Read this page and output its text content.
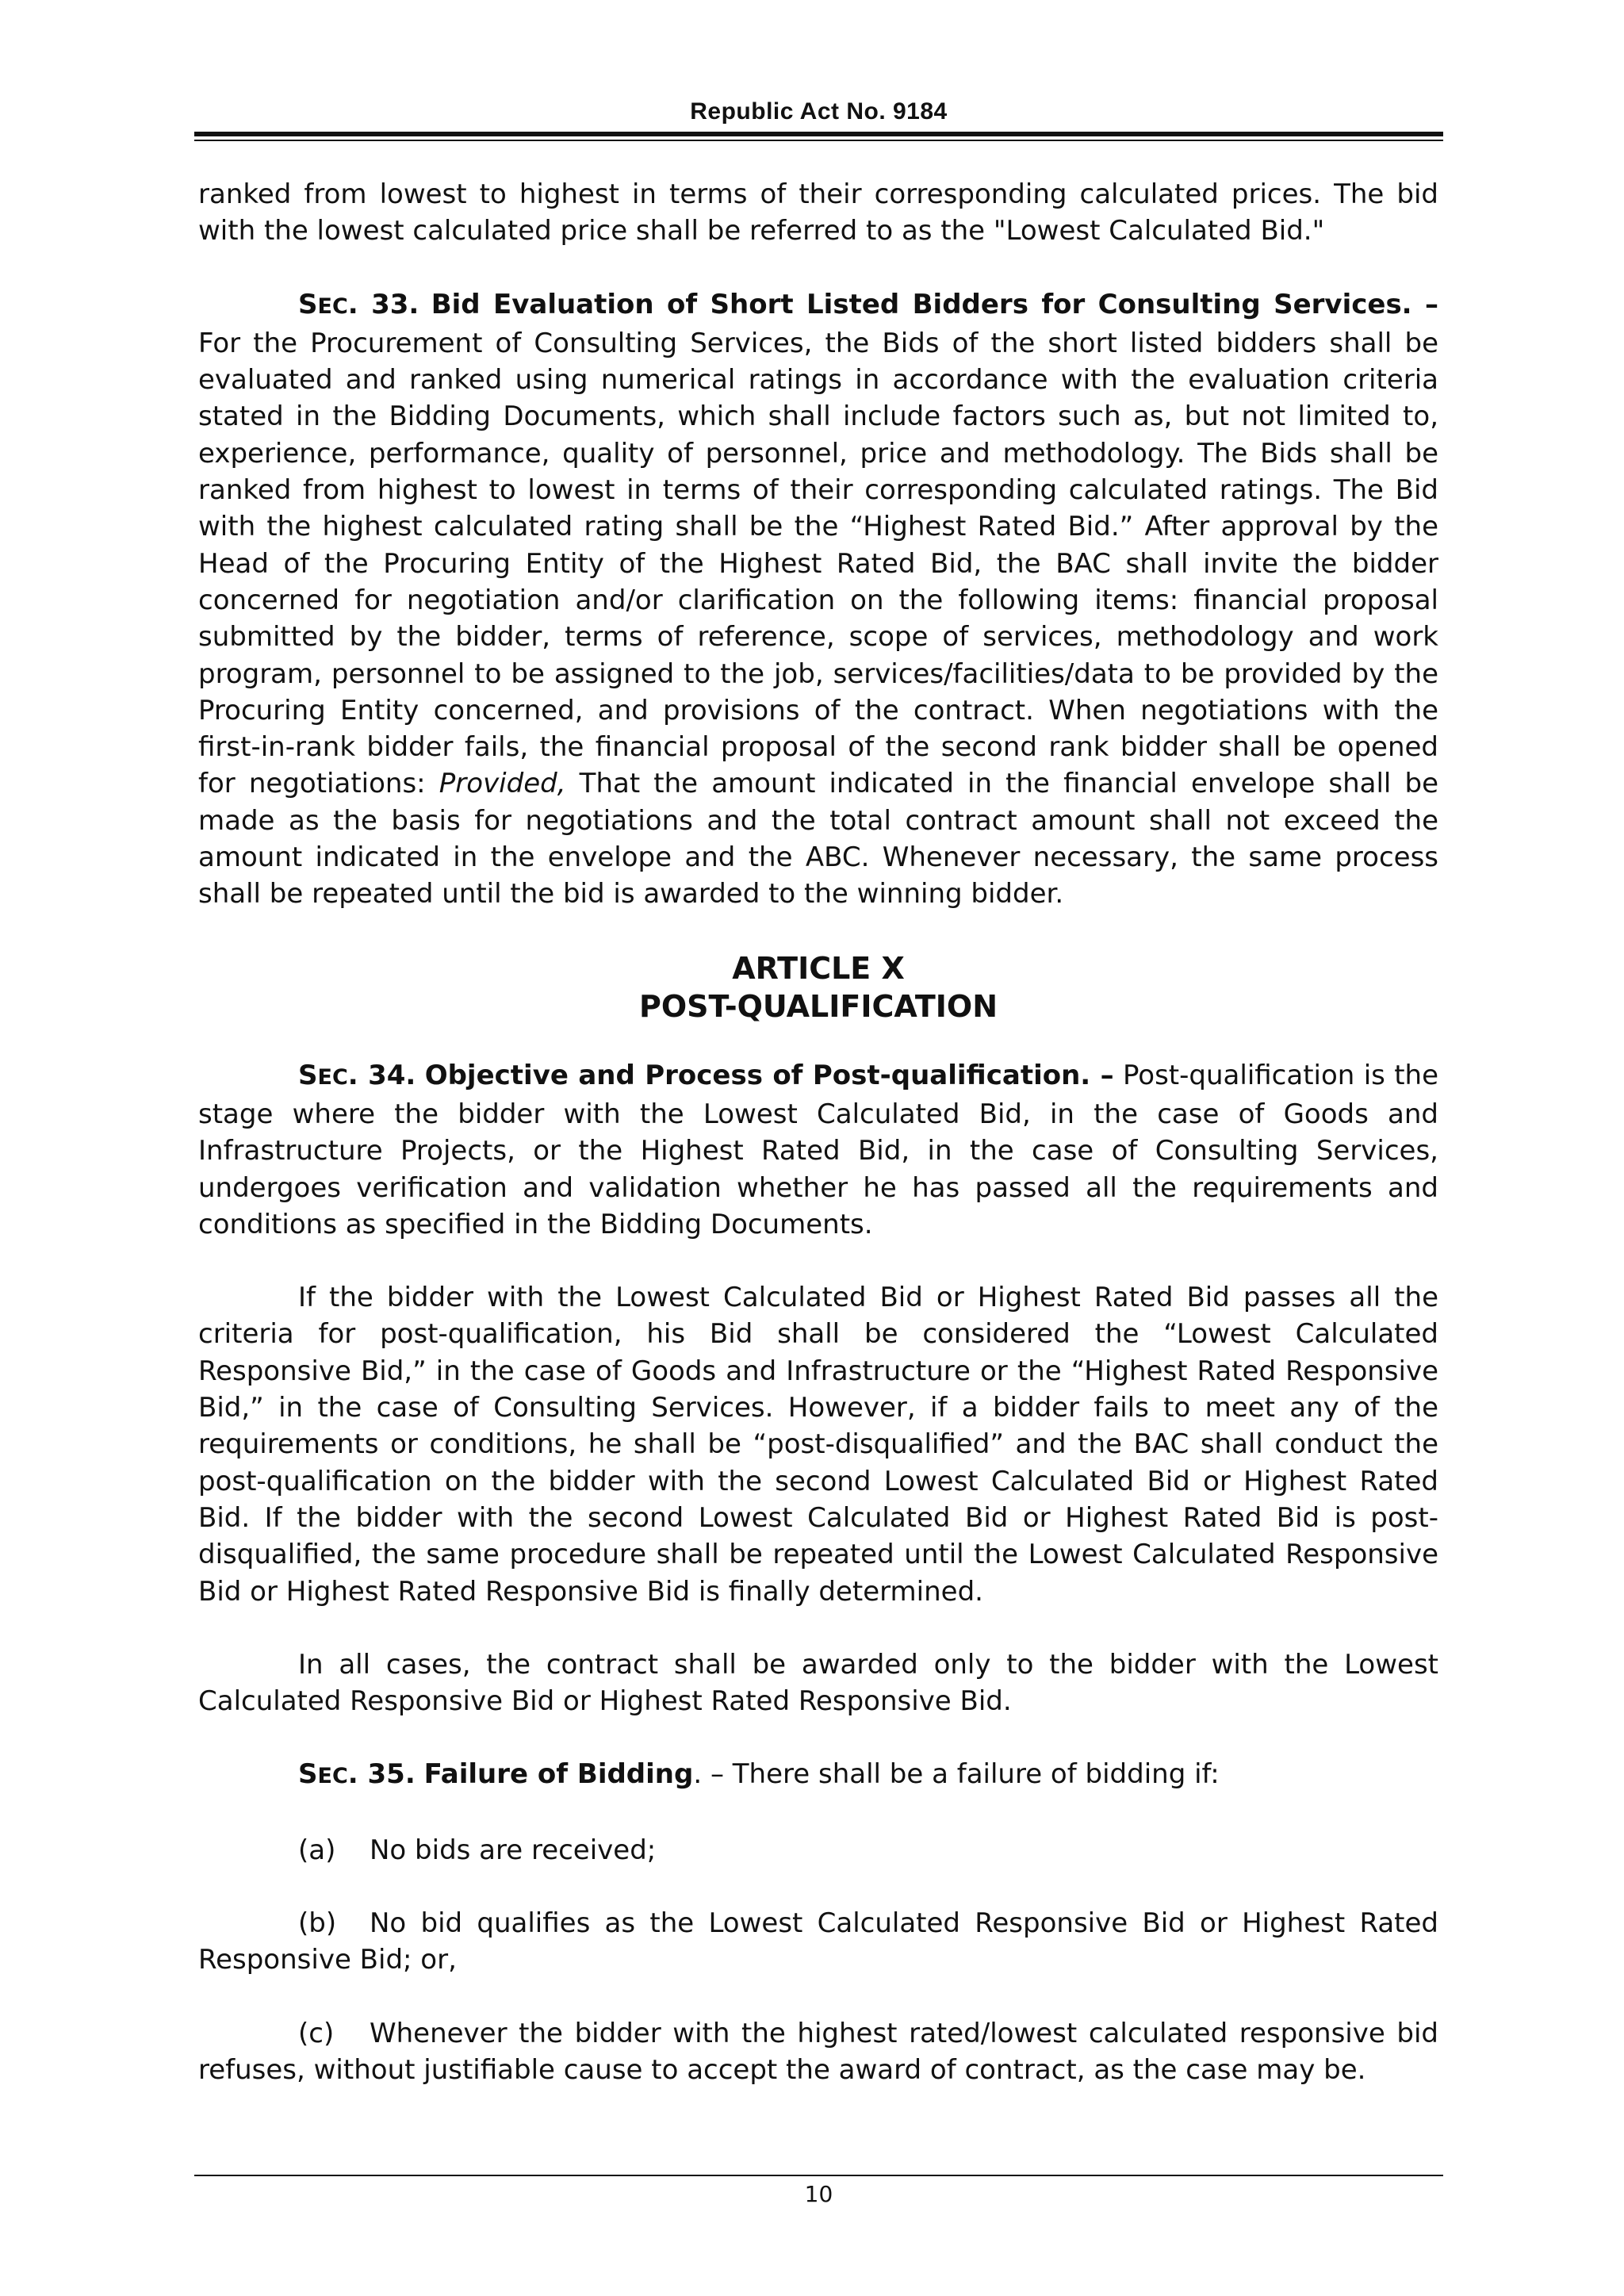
Republic Act No. 9184

ranked from lowest to highest in terms of their corresponding calculated prices. The bid with the lowest calculated price shall be referred to as the "Lowest Calculated Bid."

SEC. 33. Bid Evaluation of Short Listed Bidders for Consulting Services. – For the Procurement of Consulting Services, the Bids of the short listed bidders shall be evaluated and ranked using numerical ratings in accordance with the evaluation criteria stated in the Bidding Documents, which shall include factors such as, but not limited to, experience, performance, quality of personnel, price and methodology. The Bids shall be ranked from highest to lowest in terms of their corresponding calculated ratings. The Bid with the highest calculated rating shall be the “Highest Rated Bid.” After approval by the Head of the Procuring Entity of the Highest Rated Bid, the BAC shall invite the bidder concerned for negotiation and/or clarification on the following items: financial proposal submitted by the bidder, terms of reference, scope of services, methodology and work program, personnel to be assigned to the job, services/facilities/data to be provided by the Procuring Entity concerned, and provisions of the contract. When negotiations with the first-in-rank bidder fails, the financial proposal of the second rank bidder shall be opened for negotiations: Provided, That the amount indicated in the financial envelope shall be made as the basis for negotiations and the total contract amount shall not exceed the amount indicated in the envelope and the ABC. Whenever necessary, the same process shall be repeated until the bid is awarded to the winning bidder.

ARTICLE X
POST-QUALIFICATION

SEC. 34. Objective and Process of Post-qualification. – Post-qualification is the stage where the bidder with the Lowest Calculated Bid, in the case of Goods and Infrastructure Projects, or the Highest Rated Bid, in the case of Consulting Services, undergoes verification and validation whether he has passed all the requirements and conditions as specified in the Bidding Documents.

If the bidder with the Lowest Calculated Bid or Highest Rated Bid passes all the criteria for post-qualification, his Bid shall be considered the “Lowest Calculated Responsive Bid,” in the case of Goods and Infrastructure or the “Highest Rated Responsive Bid,” in the case of Consulting Services. However, if a bidder fails to meet any of the requirements or conditions, he shall be “post-disqualified” and the BAC shall conduct the post-qualification on the bidder with the second Lowest Calculated Bid or Highest Rated Bid. If the bidder with the second Lowest Calculated Bid or Highest Rated Bid is post-disqualified, the same procedure shall be repeated until the Lowest Calculated Responsive Bid or Highest Rated Responsive Bid is finally determined.

In all cases, the contract shall be awarded only to the bidder with the Lowest Calculated Responsive Bid or Highest Rated Responsive Bid.

SEC. 35. Failure of Bidding. – There shall be a failure of bidding if:

(a) No bids are received;

(b) No bid qualifies as the Lowest Calculated Responsive Bid or Highest Rated Responsive Bid; or,

(c) Whenever the bidder with the highest rated/lowest calculated responsive bid refuses, without justifiable cause to accept the award of contract, as the case may be.

10
